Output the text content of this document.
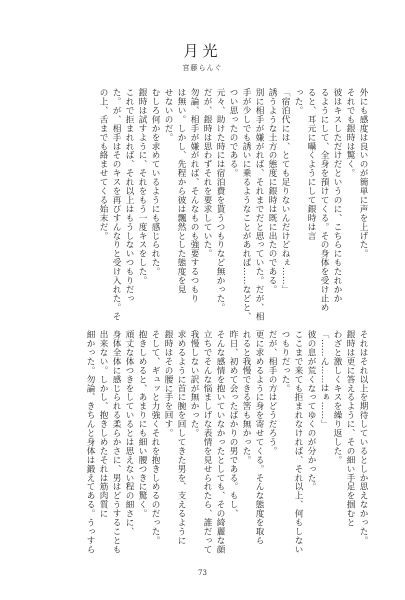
月光
宮藤らんぐ

外にも感度は良いのが簡単に声を上げた。

それでも銀時は驚く。

彼はキスしただけだというのに、こちらにもたれかか

るようにして、全身を預けてくる。その身体を受け止め

ると、耳元に囁くようにして銀時は言

った。

「宿泊代には、とても足りないんだけどねぇ……」

誘うような土方の態度に銀時は既に出たのである。

別に相手が嫌がれば、それまでだと思っていた。だが、相

手が少しでも誘いに乗るようなことがあれば……などと、

つい思ったのである。

元々、助けた時には宿泊費を貰うつもりなど無かった。

だが、銀時は思わずそれを要求していた。

勿論、相手が嫌がれば、そんなものも強要するつもり

は無い。しかし、先程から彼は飄然とした態度を見

せないのだ。

むしろ何かを求めているようにも感じられた。

銀時は試すように、それをもう一度キスをした。

これで拒まれれば、それ以上はもうしないつもりだっ

た。が、相手はそのキスを再びすんなりと受け入れた。そ

の上、舌までも絡ませてくる始末だ。

それはそれ以上を期待しているとしか思えなかった。

銀時は更に答えるように、その細い手足を掴むと

わざと激しくキスを繰り返した。

「……ん……はぁ……」

彼の息が荒くなってゆくのが分かった。

ここまで来ても拒まれなければ、それ以上、何もしない

つもりだった。

だが、相手の方はどうだろう。

更に求めるように身を寄せてくる。そんな態度を取ら

れると我慢できる筈も無かった。

昨日、初めて会ったばかりの男である。もし、

そんな感情を抱いていなかったとしても、その綺麗な顔

立ちでそんな悩ましげな表情を見せられたら、誰だって

我慢しない訳が無かった。

求めるように首に腕を回してきた男を、支えるように

銀時はその腰に手を回す。

そして、ギュッと力強くそれを抱きしめるのだった。

抱きしめると、あまりにも細い腰つきに驚く。

頑丈な体つきをしているとは思えない程の細さに、

身体全体に感じられる柔らかさに、男はどうすることも

出来ない。しかし、抱きしめたそれは筋肉質に

細かった。勿論、きちんと身体は鍛えてある。うっすら

73
